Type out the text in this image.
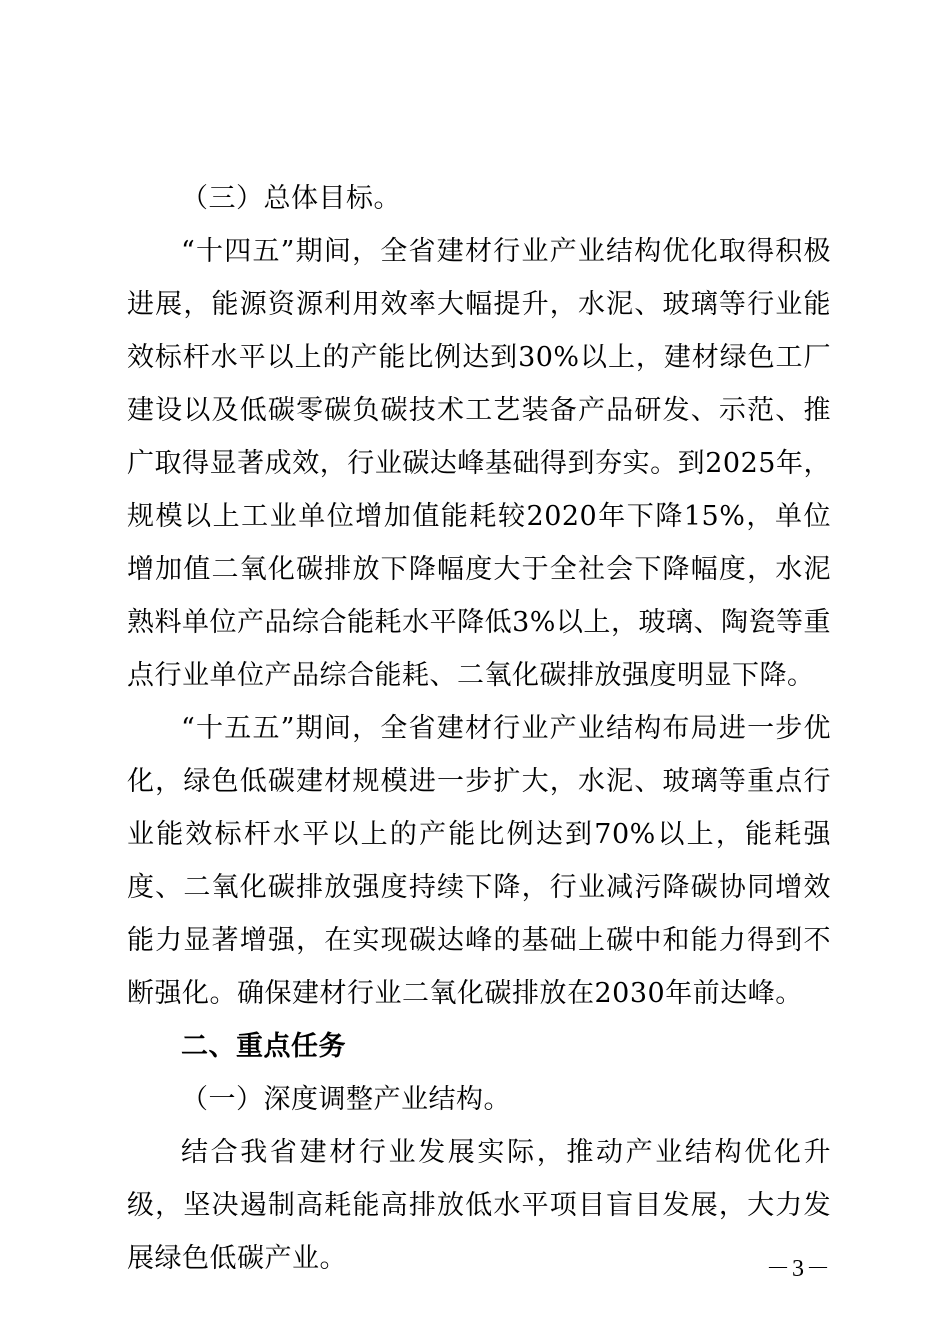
（三）总体目标。

“十四五”期间，全省建材行业产业结构优化取得积极进展，能源资源利用效率大幅提升，水泥、玻璃等行业能效标杆水平以上的产能比例达到30%以上，建材绿色工厂建设以及低碳零碳负碳技术工艺装备产品研发、示范、推广取得显著成效，行业碳达峰基础得到夯实。到2025年，规模以上工业单位增加值能耗较2020年下降15%，单位增加值二氧化碳排放下降幅度大于全社会下降幅度，水泥熟料单位产品综合能耗水平降低3%以上，玻璃、陶瓷等重点行业单位产品综合能耗、二氧化碳排放强度明显下降。

“十五五”期间，全省建材行业产业结构布局进一步优化，绿色低碳建材规模进一步扩大，水泥、玻璃等重点行业能效标杆水平以上的产能比例达到70%以上，能耗强度、二氧化碳排放强度持续下降，行业减污降碳协同增效能力显著增强，在实现碳达峰的基础上碳中和能力得到不断强化。确保建材行业二氧化碳排放在2030年前达峰。

二、重点任务

（一）深度调整产业结构。

结合我省建材行业发展实际，推动产业结构优化升级，坚决遏制高耗能高排放低水平项目盲目发展，大力发展绿色低碳产业。	－3－
